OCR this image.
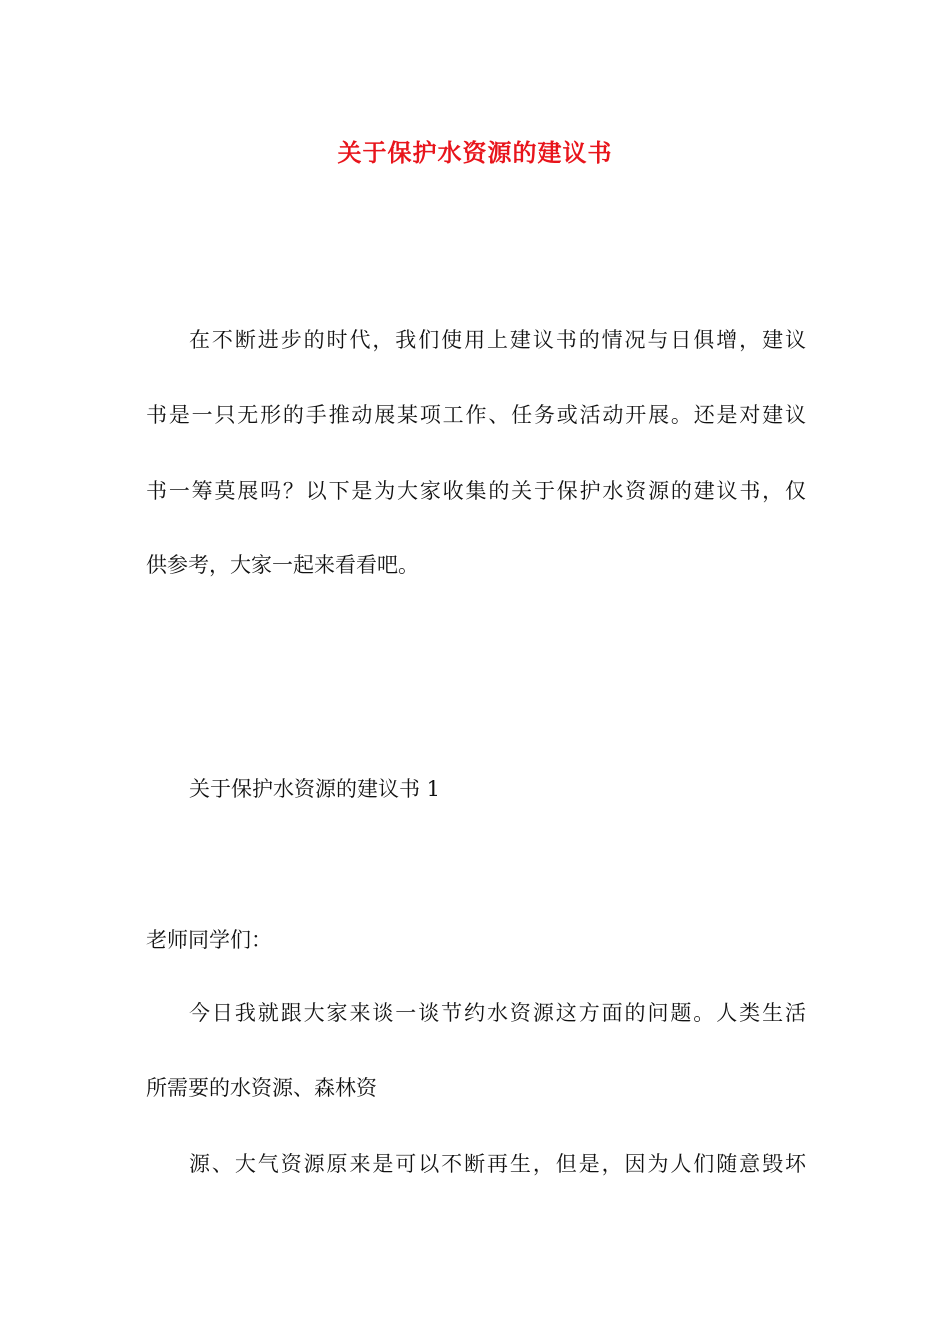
关于保护水资源的建议书
在不断进步的时代，我们使用上建议书的情况与日俱增，建议
书是一只无形的手推动展某项工作、任务或活动开展。还是对建议
书一筹莫展吗？以下是为大家收集的关于保护水资源的建议书，仅
供参考，大家一起来看看吧。
关于保护水资源的建议书 1
老师同学们：
今日我就跟大家来谈一谈节约水资源这方面的问题。人类生活
所需要的水资源、森林资
源、大气资源原来是可以不断再生，但是，因为人们随意毁坏
